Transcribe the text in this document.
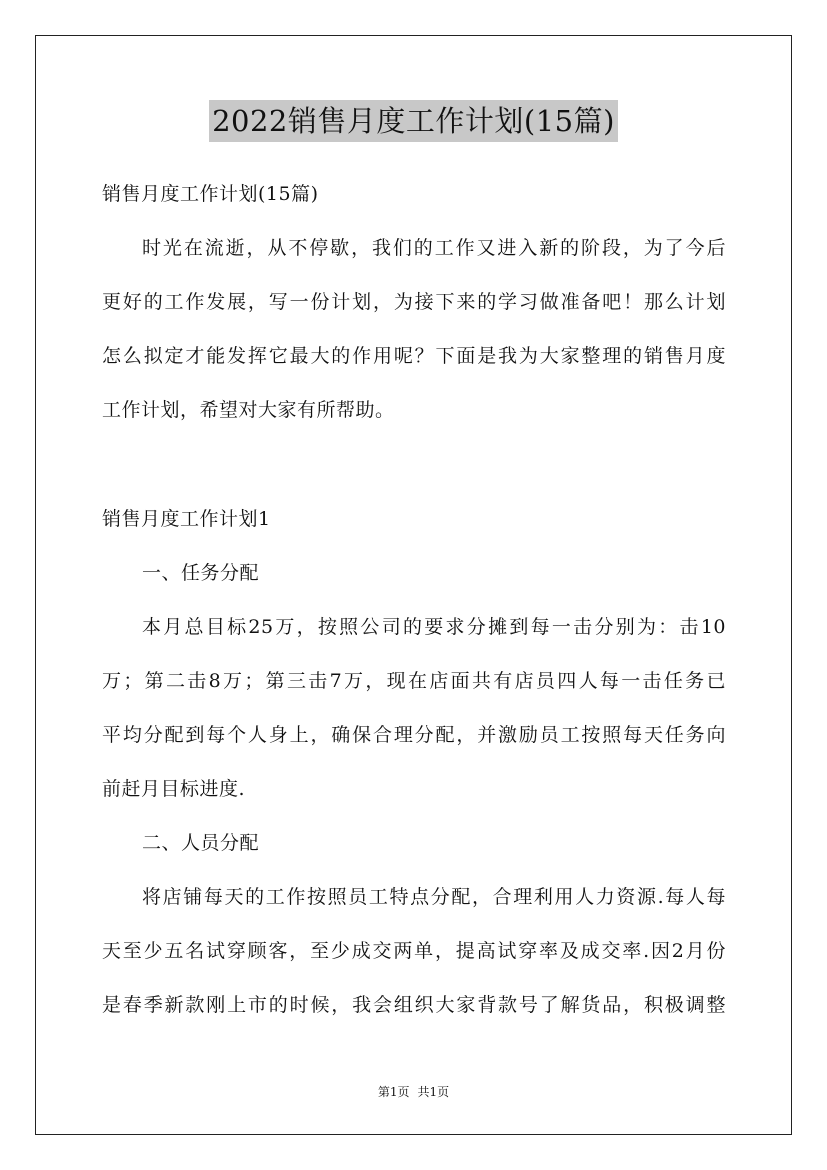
2022销售月度工作计划(15篇)
销售月度工作计划(15篇)
时光在流逝，从不停歇，我们的工作又进入新的阶段，为了今后
更好的工作发展，写一份计划，为接下来的学习做准备吧！那么计划
怎么拟定才能发挥它最大的作用呢？下面是我为大家整理的销售月度
工作计划，希望对大家有所帮助。
销售月度工作计划1
一、任务分配
本月总目标25万，按照公司的要求分摊到每一击分别为：击10
万；第二击8万；第三击7万，现在店面共有店员四人每一击任务已
平均分配到每个人身上，确保合理分配，并激励员工按照每天任务向
前赶月目标进度.
二、人员分配
将店铺每天的工作按照员工特点分配，合理利用人力资源.每人每
天至少五名试穿顾客，至少成交两单，提高试穿率及成交率.因2月份
是春季新款刚上市的时候，我会组织大家背款号了解货品，积极调整
第1页 共1页
